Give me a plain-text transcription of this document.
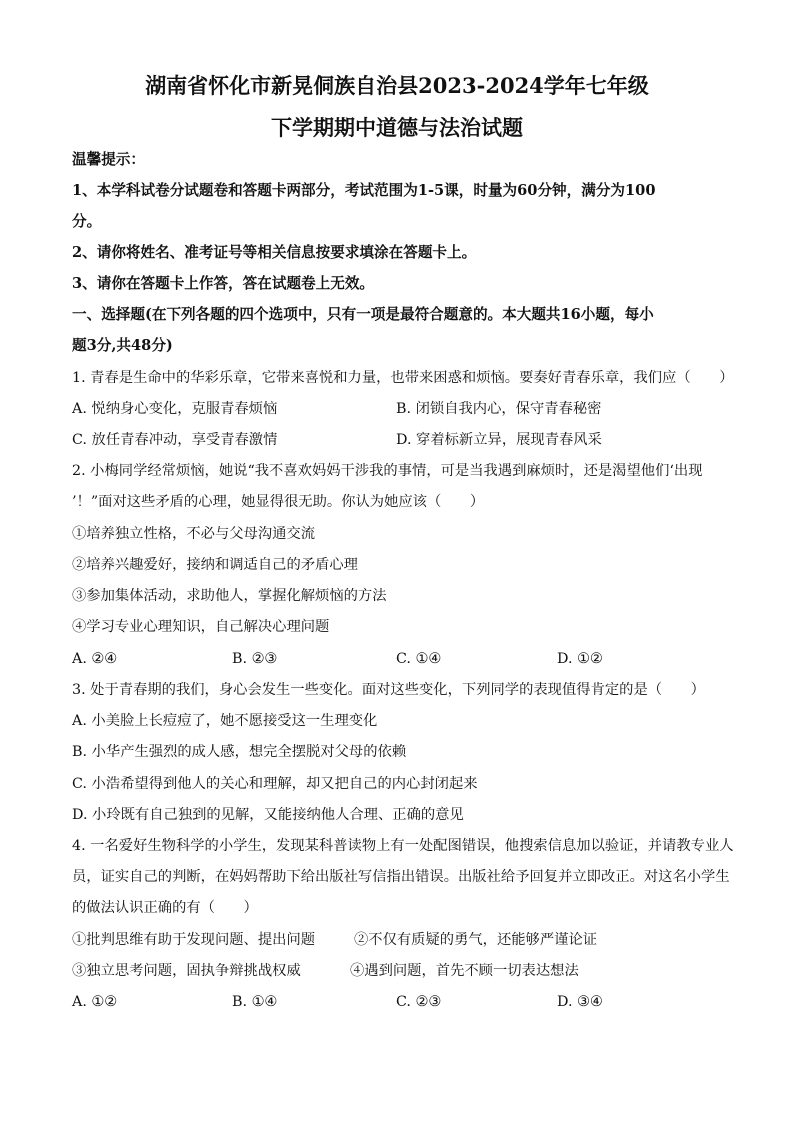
湖南省怀化市新晃侗族自治县2023-2024学年七年级
下学期期中道德与法治试题
温馨提示：
1、本学科试卷分试题卷和答题卡两部分，考试范围为1-5课，时量为60分钟，满分为100
分。
2、请你将姓名、准考证号等相关信息按要求填涂在答题卡上。
3、请你在答题卡上作答，答在试题卷上无效。
一、选择题(在下列各题的四个选项中，只有一项是最符合题意的。本大题共16小题，每小
题3分,共48分)
1. 青春是生命中的华彩乐章，它带来喜悦和力量，也带来困惑和烦恼。要奏好青春乐章，我们应（　　）
A. 悦纳身心变化，克服青春烦恼	B. 闭锁自我内心，保守青春秘密
C. 放任青春冲动，享受青春激情	D. 穿着标新立异，展现青春风采
2. 小梅同学经常烦恼，她说“我不喜欢妈妈干涉我的事情，可是当我遇到麻烦时，还是渴望他们‘出现
’！”面对这些矛盾的心理，她显得很无助。你认为她应该（　　）
①培养独立性格，不必与父母沟通交流
②培养兴趣爱好，接纳和调适自己的矛盾心理
③参加集体活动，求助他人，掌握化解烦恼的方法
④学习专业心理知识，自己解决心理问题
A. ②④	B. ②③	C. ①④	D. ①②
3. 处于青春期的我们，身心会发生一些变化。面对这些变化，下列同学的表现值得肯定的是（　　）
A. 小美脸上长痘痘了，她不愿接受这一生理变化
B. 小华产生强烈的成人感，想完全摆脱对父母的依赖
C. 小浩希望得到他人的关心和理解，却又把自己的内心封闭起来
D. 小玲既有自己独到的见解，又能接纳他人合理、正确的意见
4. 一名爱好生物科学的小学生，发现某科普读物上有一处配图错误，他搜索信息加以验证，并请教专业人
员，证实自己的判断，在妈妈帮助下给出版社写信指出错误。出版社给予回复并立即改正。对这名小学生
的做法认识正确的有（　　）
①批判思维有助于发现问题、提出问题	②不仅有质疑的勇气，还能够严谨论证
③独立思考问题，固执争辩挑战权威	④遇到问题，首先不顾一切表达想法
A. ①②	B. ①④	C. ②③	D. ③④
